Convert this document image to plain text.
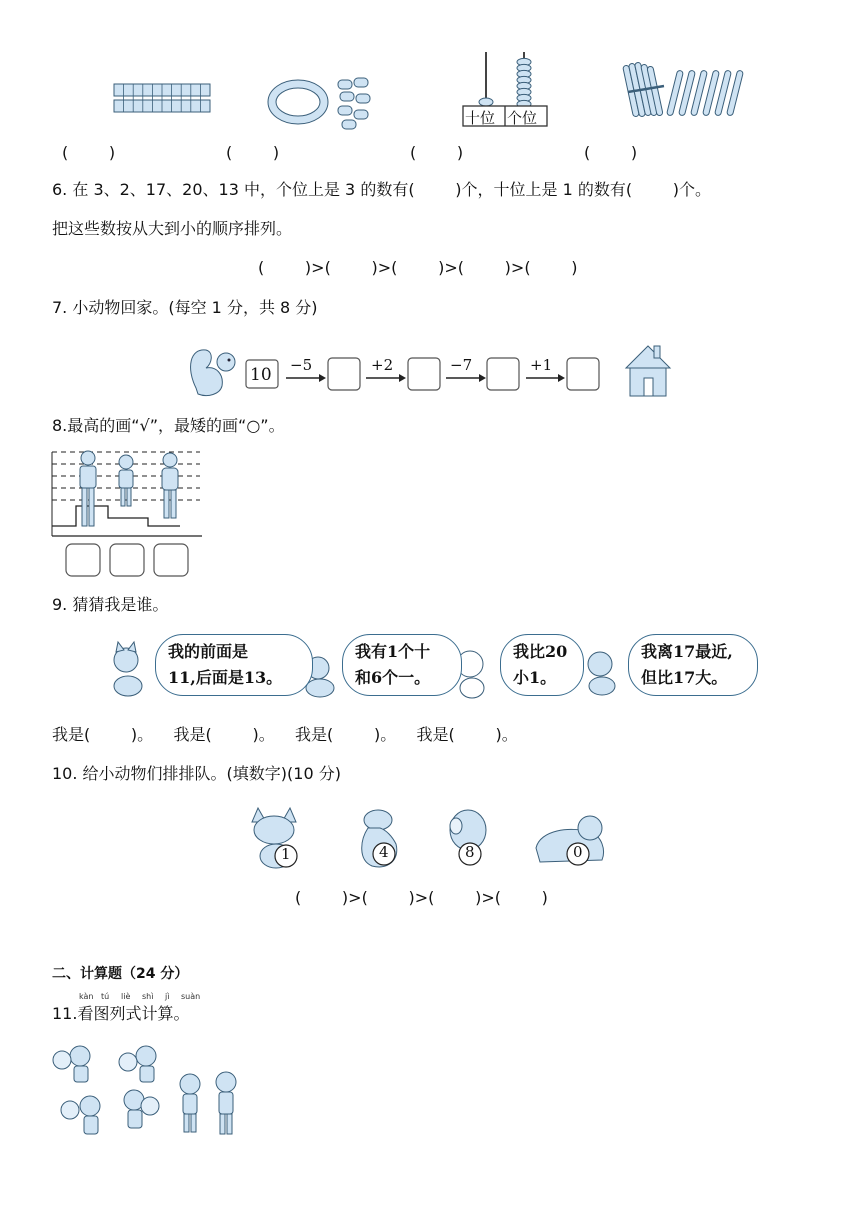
十位 个位
(        )	(        )	(        )	(        )
6. 在 3、2、17、20、13 中，个位上是 3 的数有(        )个，十位上是 1 的数有(        )个。
把这些数按从大到小的顺序排列。
(        )>(        )>(        )>(        )>(        )
7. 小动物回家。(每空 1 分，共 8 分)
10 −5	+2	−7	+1
8.最高的画“√”，最矮的画“○”。
9. 猜猜我是谁。
我的前面是
11,后面是13。
我有1个十
和6个一。
我比20
小1。
我离17最近,
但比17大。
我是(        )。    我是(        )。    我是(        )。    我是(        )。
10. 给小动物们排排队。(填数字)(10 分)
1	4	8	0
(        )>(        )>(        )>(        )
二、计算题（24 分）
kàn tú liè shì jì suàn
11.看图列式计算。
